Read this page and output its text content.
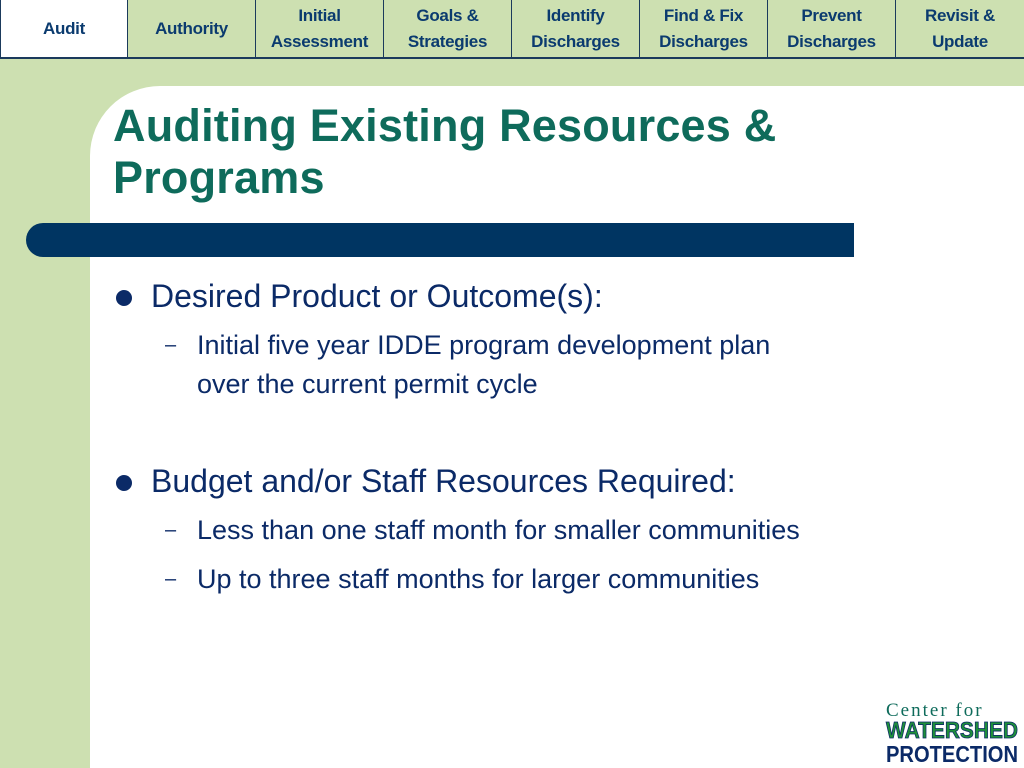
Audit	Authority
Initial
Assessment
Goals &
Strategies
Identify
Discharges
Find & Fix
Discharges
Prevent
Discharges
Revisit &
Update
Auditing Existing Resources &
Programs
Desired Product or Outcome(s):
– Initial five year IDDE program development plan
over the current permit cycle
Budget and/or Staff Resources Required:
– Less than one staff month for smaller communities
– Up to three staff months for larger communities
Center for
WATERSHED
PROTECTION
